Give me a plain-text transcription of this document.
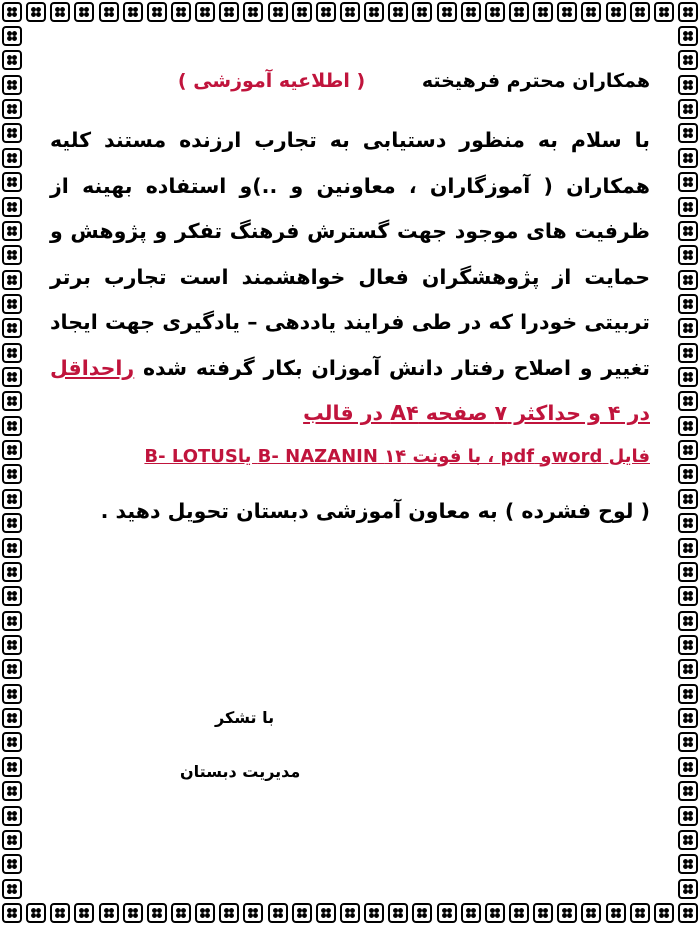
همکاران محترم فرهیخته ( اطلاعیه آموزشی )

با سلام به منظور دستیابی به تجارب ارزنده مستند کلیه همکاران ( آموزگاران ، معاونین و ..)و استفاده بهینه از ظرفیت های موجود جهت گسترش فرهنگ تفکر و پژوهش و حمایت از پژوهشگران فعال خواهشمند است تجارب برتر تربیتی خودرا که در طی فرایند یاددهی – یادگیری جهت ایجاد تغییر و اصلاح رفتار دانش آموزان بکار گرفته شده راحداقل در ۴ و حداکثر ۷ صفحه A۴ در قالب

فایل wordو pdf ، با فونت ۱۴ B- NAZANIN یاB- LOTUS

( لوح فشرده ) به معاون آموزشی دبستان تحویل دهید .

با تشکر
مدیریت دبستان
